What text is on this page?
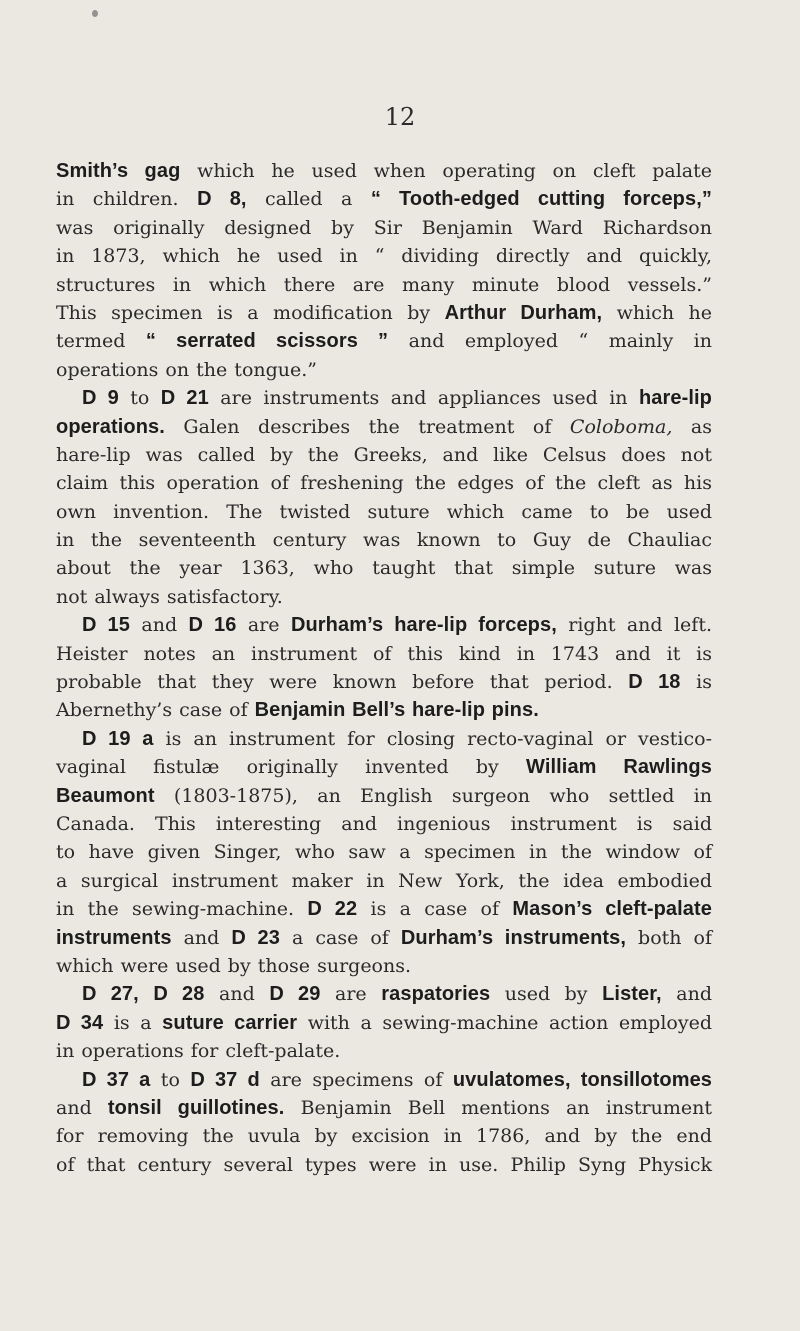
12
Smith’s gag which he used when operating on cleft palate
in children. D 8, called a “ Tooth-edged cutting forceps,”
was originally designed by Sir Benjamin Ward Richardson
in 1873, which he used in “ dividing directly and quickly,
structures in which there are many minute blood vessels.”
This specimen is a modification by Arthur Durham, which he
termed “ serrated scissors ” and employed “ mainly in
operations on the tongue.”
D 9 to D 21 are instruments and appliances used in hare-lip
operations. Galen describes the treatment of Coloboma, as
hare-lip was called by the Greeks, and like Celsus does not
claim this operation of freshening the edges of the cleft as his
own invention. The twisted suture which came to be used
in the seventeenth century was known to Guy de Chauliac
about the year 1363, who taught that simple suture was
not always satisfactory.
D 15 and D 16 are Durham’s hare-lip forceps, right and left.
Heister notes an instrument of this kind in 1743 and it is
probable that they were known before that period. D 18 is
Abernethy’s case of Benjamin Bell’s hare-lip pins.
D 19 a is an instrument for closing recto-vaginal or vestico-
vaginal fistulæ originally invented by William Rawlings
Beaumont (1803-1875), an English surgeon who settled in
Canada. This interesting and ingenious instrument is said
to have given Singer, who saw a specimen in the window of
a surgical instrument maker in New York, the idea embodied
in the sewing-machine. D 22 is a case of Mason’s cleft-palate
instruments and D 23 a case of Durham’s instruments, both of
which were used by those surgeons.
D 27, D 28 and D 29 are raspatories used by Lister, and
D 34 is a suture carrier with a sewing-machine action employed
in operations for cleft-palate.
D 37 a to D 37 d are specimens of uvulatomes, tonsillotomes
and tonsil guillotines. Benjamin Bell mentions an instrument
for removing the uvula by excision in 1786, and by the end
of that century several types were in use. Philip Syng Physick
